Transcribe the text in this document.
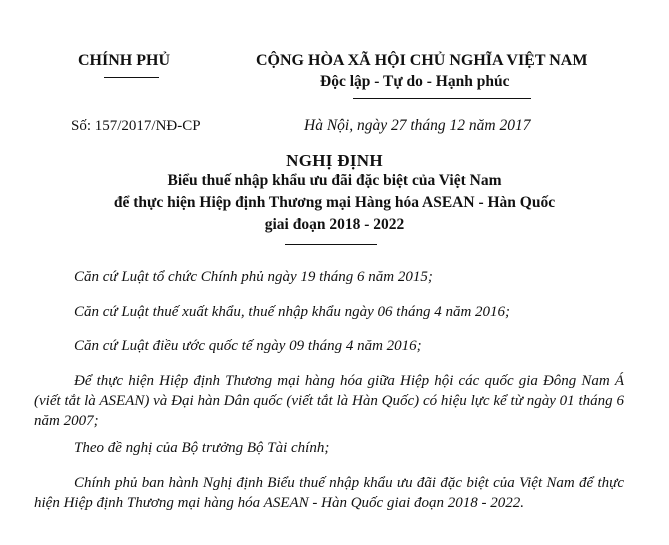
CHÍNH PHỦ	CỘNG HÒA XÃ HỘI CHỦ NGHĨA VIỆT NAM
Độc lập - Tự do - Hạnh phúc
Số: 157/2017/NĐ-CP	Hà Nội, ngày 27 tháng 12 năm 2017
NGHỊ ĐỊNH
Biểu thuế nhập khẩu ưu đãi đặc biệt của Việt Nam
để thực hiện Hiệp định Thương mại Hàng hóa ASEAN - Hàn Quốc
giai đoạn 2018 - 2022
Căn cứ Luật tổ chức Chính phủ ngày 19 tháng 6 năm 2015;
Căn cứ Luật thuế xuất khẩu, thuế nhập khẩu ngày 06 tháng 4 năm 2016;
Căn cứ Luật điều ước quốc tế ngày 09 tháng 4 năm 2016;
Để thực hiện Hiệp định Thương mại hàng hóa giữa Hiệp hội các quốc gia Đông Nam Á (viết tắt là ASEAN) và Đại hàn Dân quốc (viết tắt là Hàn Quốc) có hiệu lực kể từ ngày 01 tháng 6 năm 2007;
Theo đề nghị của Bộ trưởng Bộ Tài chính;
Chính phủ ban hành Nghị định Biểu thuế nhập khẩu ưu đãi đặc biệt của Việt Nam để thực hiện Hiệp định Thương mại hàng hóa ASEAN - Hàn Quốc giai đoạn 2018 - 2022.
